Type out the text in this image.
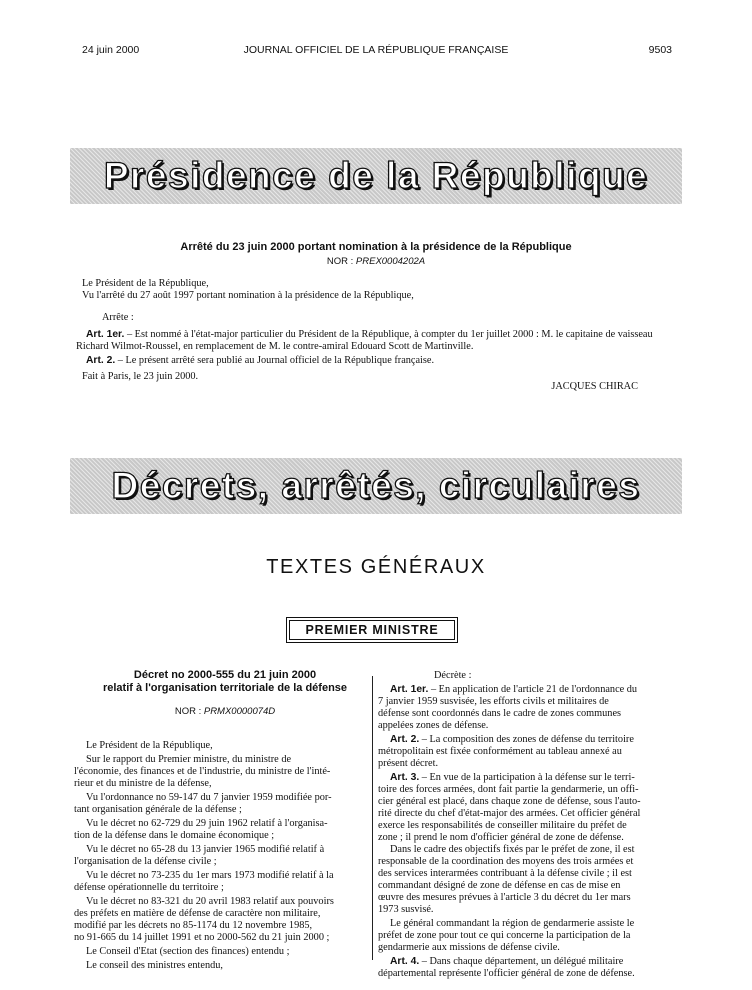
24 juin 2000	JOURNAL OFFICIEL DE LA RÉPUBLIQUE FRANÇAISE	9503
Présidence de la République
Arrêté du 23 juin 2000 portant nomination à la présidence de la République
NOR : PREX0004202A
Le Président de la République,
Vu l'arrêté du 27 août 1997 portant nomination à la présidence de la République,
Arrête :
Art. 1er. – Est nommé à l'état-major particulier du Président de la République, à compter du 1er juillet 2000 : M. le capitaine de vaisseau
Richard Wilmot-Roussel, en remplacement de M. le contre-amiral Edouard Scott de Martinville.
Art. 2. – Le présent arrêté sera publié au Journal officiel de la République française.
Fait à Paris, le 23 juin 2000.
JACQUES CHIRAC
Décrets, arrêtés, circulaires
TEXTES GÉNÉRAUX
PREMIER MINISTRE
Décret no 2000-555 du 21 juin 2000
relatif à l'organisation territoriale de la défense
NOR : PRMX0000074D
Le Président de la République,
Sur le rapport du Premier ministre, du ministre de
l'économie, des finances et de l'industrie, du ministre de l'inté-
rieur et du ministre de la défense,
Vu l'ordonnance no 59-147 du 7 janvier 1959 modifiée por-
tant organisation générale de la défense ;
Vu le décret no 62-729 du 29 juin 1962 relatif à l'organisa-
tion de la défense dans le domaine économique ;
Vu le décret no 65-28 du 13 janvier 1965 modifié relatif à
l'organisation de la défense civile ;
Vu le décret no 73-235 du 1er mars 1973 modifié relatif à la
défense opérationnelle du territoire ;
Vu le décret no 83-321 du 20 avril 1983 relatif aux pouvoirs
des préfets en matière de défense de caractère non militaire,
modifié par les décrets no 85-1174 du 12 novembre 1985,
no 91-665 du 14 juillet 1991 et no 2000-562 du 21 juin 2000 ;
Le Conseil d'Etat (section des finances) entendu ;
Le conseil des ministres entendu,
Décrète :
Art. 1er. – En application de l'article 21 de l'ordonnance du
7 janvier 1959 susvisée, les efforts civils et militaires de
défense sont coordonnés dans le cadre de zones communes
appelées zones de défense.
Art. 2. – La composition des zones de défense du territoire
métropolitain est fixée conformément au tableau annexé au
présent décret.
Art. 3. – En vue de la participation à la défense sur le terri-
toire des forces armées, dont fait partie la gendarmerie, un offi-
cier général est placé, dans chaque zone de défense, sous l'auto-
rité directe du chef d'état-major des armées. Cet officier général
exerce les responsabilités de conseiller militaire du préfet de
zone ; il prend le nom d'officier général de zone de défense.
Dans le cadre des objectifs fixés par le préfet de zone, il est
responsable de la coordination des moyens des trois armées et
des services interarmées contribuant à la défense civile ; il est
commandant désigné de zone de défense en cas de mise en
œuvre des mesures prévues à l'article 3 du décret du 1er mars
1973 susvisé.
Le général commandant la région de gendarmerie assiste le
préfet de zone pour tout ce qui concerne la participation de la
gendarmerie aux missions de défense civile.
Art. 4. – Dans chaque département, un délégué militaire
départemental représente l'officier général de zone de défense.
